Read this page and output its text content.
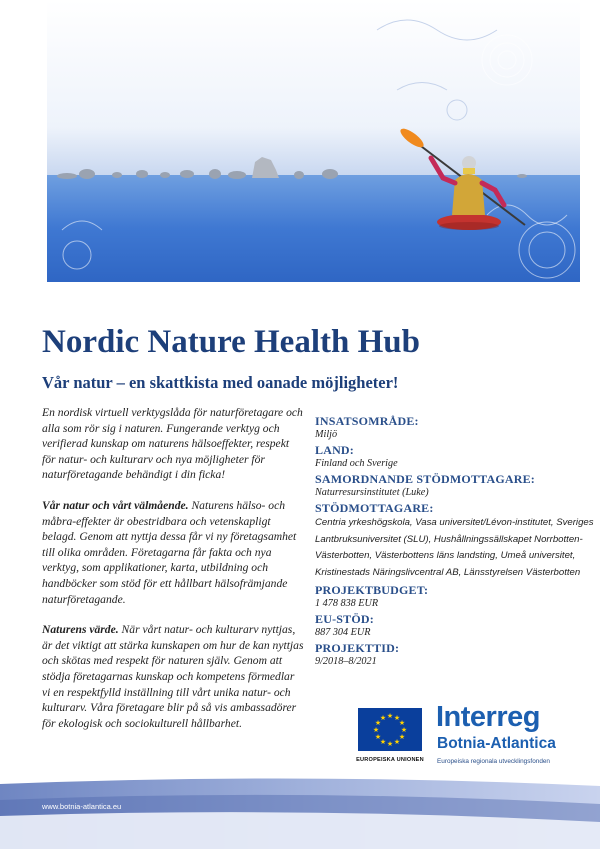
Nordic Nature Health Hub
Vår natur – en skattkista med oanade möjligheter!

En nordisk virtuell verktygslåda för naturföretagare och alla som rör sig i naturen. Fungerande verktyg och verifierad kunskap om naturens hälsoeffekter, respekt för natur- och kulturarv och nya möjligheter för naturföretagande behändigt i din ficka!

Vår natur och vårt välmående. Naturens hälso- och måbra-effekter är obestridbara och vetenskapligt belagd. Genom att nyttja dessa får vi ny företagsamhet till olika områden. Företagarna får fakta och nya verktyg, som applikationer, karta, utbildning och handböcker som stöd för ett hållbart hälsofrämjande naturföretagande.

Naturens värde. När vårt natur- och kulturarv nyttjas, är det viktigt att stärka kunskapen om hur de kan nyttjas och skötas med respekt för naturen själv. Genom att stödja företagarnas kunskap och kompetens förmedlar vi en respektfylld inställning till vårt unika natur- och kulturarv. Våra företagare blir på så vis ambassadörer för ekologisk och sociokulturell hållbarhet.

INSATSOMRÅDE:
Miljö
LAND:
Finland och Sverige
SAMORDNANDE STÖDMOTTAGARE:
Naturresursinstitutet (Luke)
STÖDMOTTAGARE:
Centria yrkeshögskola, Vasa universitet/Lévon-institutet, Sveriges Lantbruksuniversitet (SLU), Hushållningssällskapet Norrbotten-Västerbotten, Västerbottens läns landsting, Umeå universitet, Kristinestads Näringslivcentral AB, Länsstyrelsen Västerbotten
PROJEKTBUDGET:
1 478 838 EUR
EU-STÖD:
887 304 EUR
PROJEKTTID:
9/2018–8/2021
★ ★
★
★
★
★
★
★
★
★
★
★
EUROPEISKA UNIONEN
Interreg
Botnia-Atlantica
Europeiska regionala utvecklingsfonden
www.botnia-atlantica.eu
